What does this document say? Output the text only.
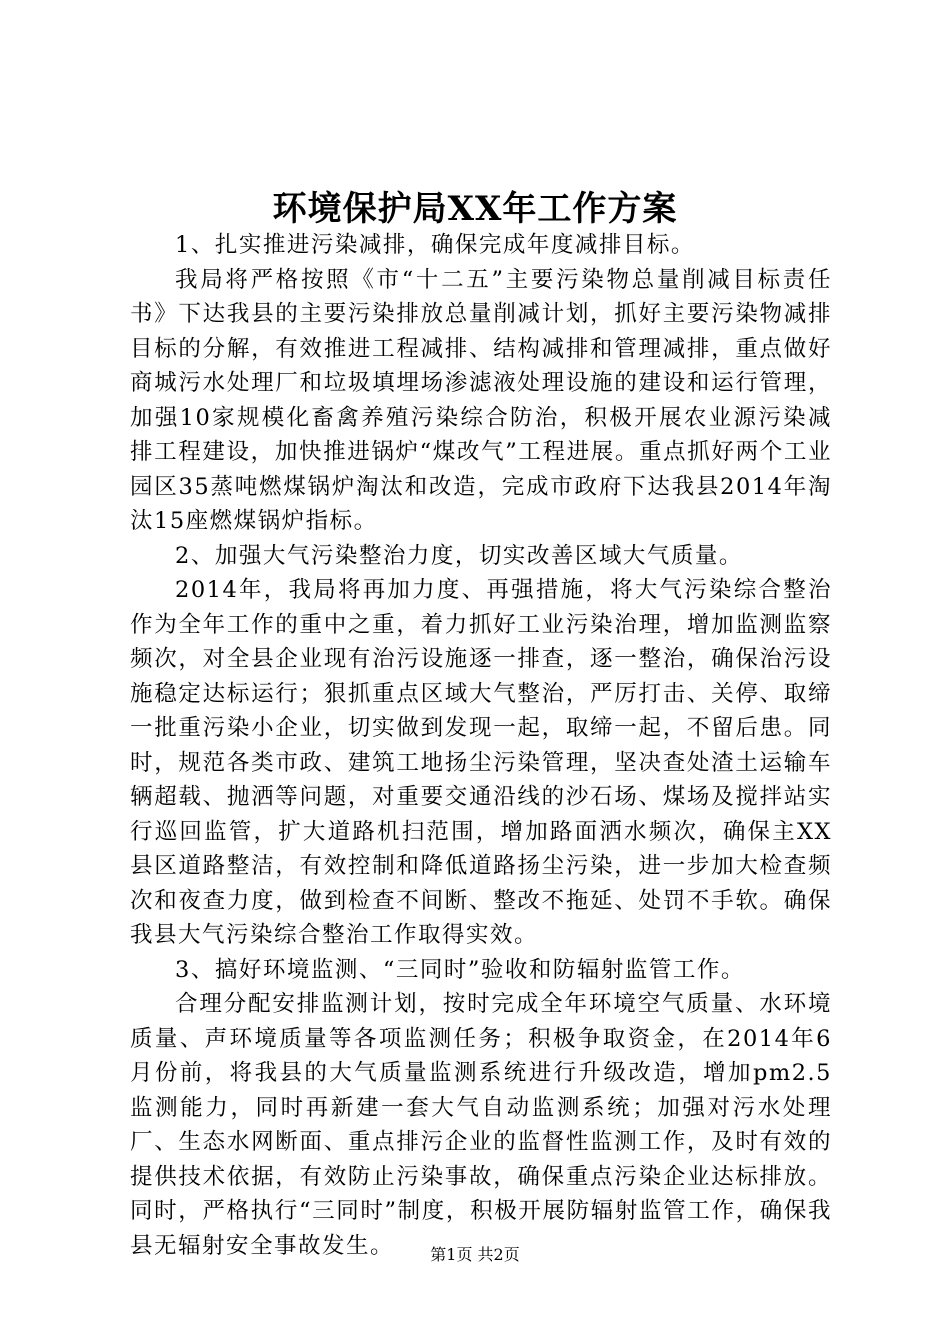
环境保护局XX年工作方案

1、扎实推进污染减排，确保完成年度减排目标。

我局将严格按照《市“十二五”主要污染物总量削减目标责任书》下达我县的主要污染排放总量削减计划，抓好主要污染物减排目标的分解，有效推进工程减排、结构减排和管理减排，重点做好商城污水处理厂和垃圾填埋场渗滤液处理设施的建设和运行管理，加强10家规模化畜禽养殖污染综合防治，积极开展农业源污染减排工程建设，加快推进锅炉“煤改气”工程进展。重点抓好两个工业园区35蒸吨燃煤锅炉淘汰和改造，完成市政府下达我县2014年淘汰15座燃煤锅炉指标。

2、加强大气污染整治力度，切实改善区域大气质量。

2014年，我局将再加力度、再强措施，将大气污染综合整治作为全年工作的重中之重，着力抓好工业污染治理，增加监测监察频次，对全县企业现有治污设施逐一排查，逐一整治，确保治污设施稳定达标运行；狠抓重点区域大气整治，严厉打击、关停、取缔一批重污染小企业，切实做到发现一起，取缔一起，不留后患。同时，规范各类市政、建筑工地扬尘污染管理，坚决查处渣土运输车辆超载、抛洒等问题，对重要交通沿线的沙石场、煤场及搅拌站实行巡回监管，扩大道路机扫范围，增加路面洒水频次，确保主XX县区道路整洁，有效控制和降低道路扬尘污染，进一步加大检查频次和夜查力度，做到检查不间断、整改不拖延、处罚不手软。确保我县大气污染综合整治工作取得实效。

3、搞好环境监测、“三同时”验收和防辐射监管工作。

合理分配安排监测计划，按时完成全年环境空气质量、水环境质量、声环境质量等各项监测任务；积极争取资金，在2014年6月份前，将我县的大气质量监测系统进行升级改造，增加pm2.5监测能力，同时再新建一套大气自动监测系统；加强对污水处理厂、生态水网断面、重点排污企业的监督性监测工作，及时有效的提供技术依据，有效防止污染事故，确保重点污染企业达标排放。同时，严格执行“三同时”制度，积极开展防辐射监管工作，确保我县无辐射安全事故发生。	第1页 共2页
